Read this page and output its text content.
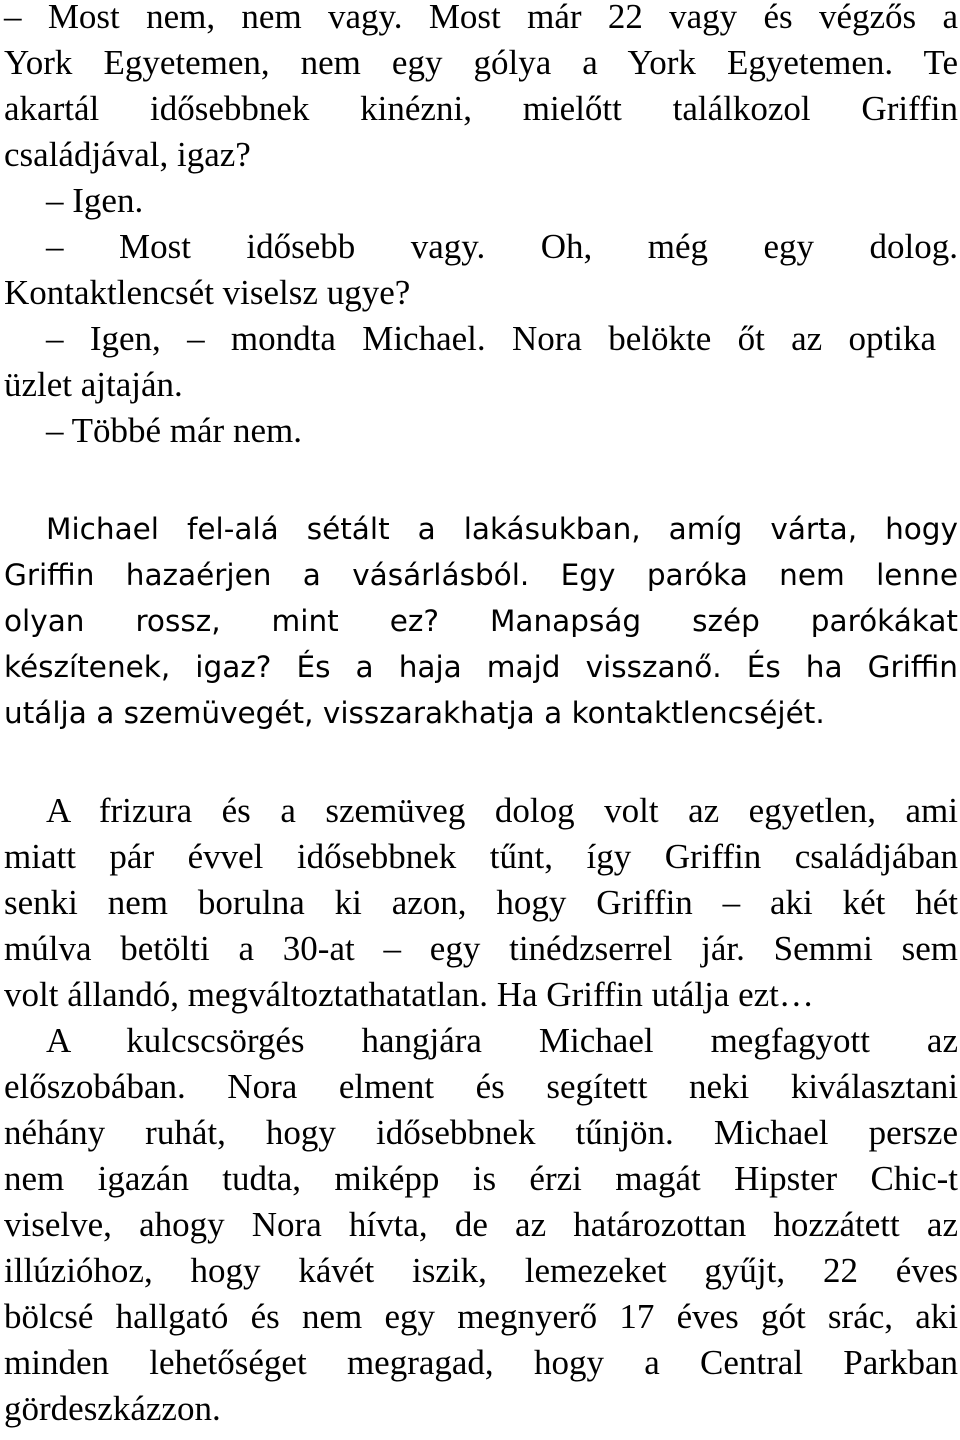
– Most nem, nem vagy. Most már 22 vagy és végzős a
York Egyetemen, nem egy gólya a York Egyetemen. Te
akartál idősebbnek kinézni, mielőtt találkozol Griffin
családjával, igaz?
– Igen.
– Most idősebb vagy. Oh, még egy dolog.
Kontaktlencsét viselsz ugye?
– Igen, – mondta Michael. Nora belökte őt az optika
üzlet ajtaján.
– Többé már nem.
Michael fel-alá sétált a lakásukban, amíg várta, hogy
Griffin hazaérjen a vásárlásból. Egy paróka nem lenne
olyan rossz, mint ez? Manapság szép parókákat
készítenek, igaz? És a haja majd visszanő. És ha Griffin
utálja a szemüvegét, visszarakhatja a kontaktlencséjét.
A frizura és a szemüveg dolog volt az egyetlen, ami
miatt pár évvel idősebbnek tűnt, így Griffin családjában
senki nem borulna ki azon, hogy Griffin – aki két hét
múlva betölti a 30-at – egy tinédzserrel jár. Semmi sem
volt állandó, megváltoztathatatlan. Ha Griffin utálja ezt…
A kulcscsörgés hangjára Michael megfagyott az
előszobában. Nora elment és segített neki kiválasztani
néhány ruhát, hogy idősebbnek tűnjön. Michael persze
nem igazán tudta, miképp is érzi magát Hipster Chic-t
viselve, ahogy Nora hívta, de az határozottan hozzátett az
illúzióhoz, hogy kávét iszik, lemezeket gyűjt, 22 éves
bölcsé hallgató és nem egy megnyerő 17 éves gót srác, aki
minden lehetőséget megragad, hogy a Central Parkban
gördeszkázzon.
